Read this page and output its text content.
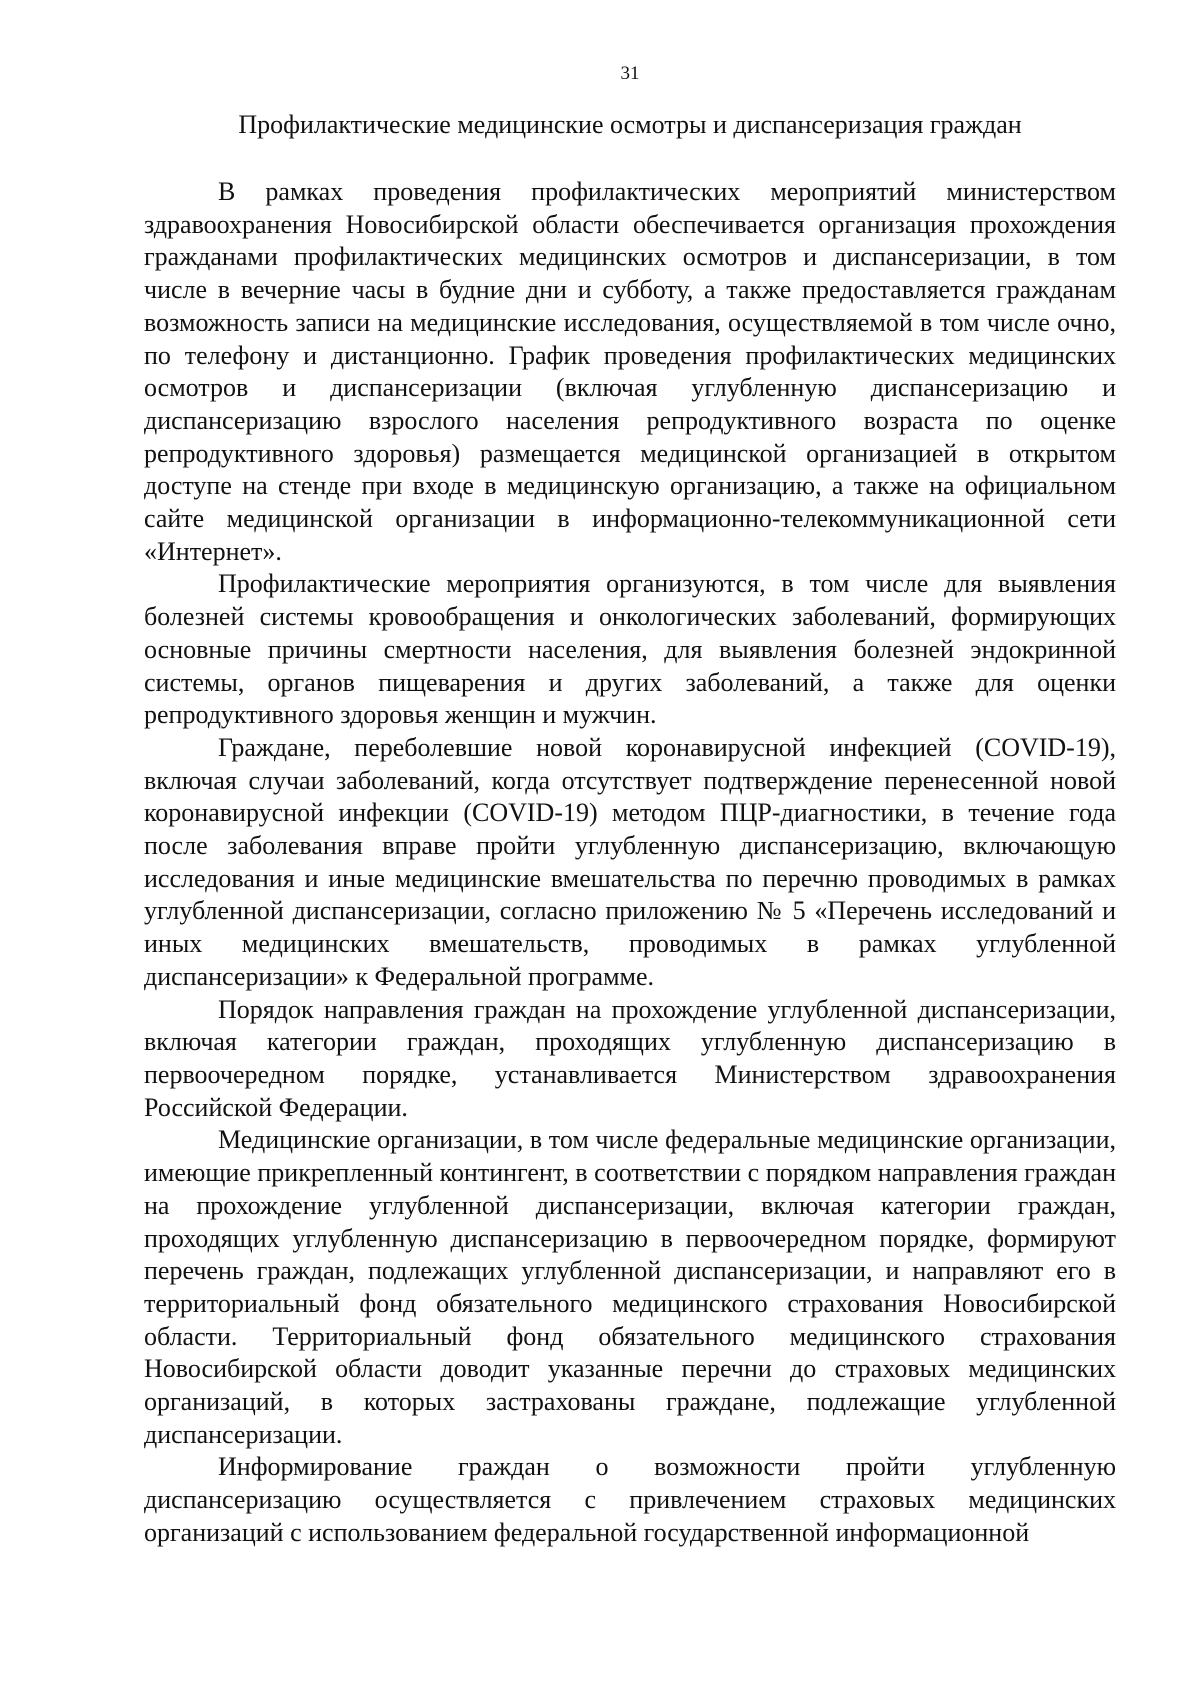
31
Профилактические медицинские осмотры и диспансеризация граждан

В рамках проведения профилактических мероприятий министерством здравоохранения Новосибирской области обеспечивается организация прохождения гражданами профилактических медицинских осмотров и диспансеризации, в том числе в вечерние часы в будние дни и субботу, а также предоставляется гражданам возможность записи на медицинские исследования, осуществляемой в том числе очно, по телефону и дистанционно. График проведения профилактических медицинских осмотров и диспансеризации (включая углубленную диспансеризацию и диспансеризацию взрослого населения репродуктивного возраста по оценке репродуктивного здоровья) размещается медицинской организацией в открытом доступе на стенде при входе в медицинскую организацию, а также на официальном сайте медицинской организации в информационно-телекоммуникационной сети «Интернет».

Профилактические мероприятия организуются, в том числе для выявления болезней системы кровообращения и онкологических заболеваний, формирующих основные причины смертности населения, для выявления болезней эндокринной системы, органов пищеварения и других заболеваний, а также для оценки репродуктивного здоровья женщин и мужчин.

Граждане, переболевшие новой коронавирусной инфекцией (COVID-19), включая случаи заболеваний, когда отсутствует подтверждение перенесенной новой коронавирусной инфекции (COVID-19) методом ПЦР-диагностики, в течение года после заболевания вправе пройти углубленную диспансеризацию, включающую исследования и иные медицинские вмешательства по перечню проводимых в рамках углубленной диспансеризации, согласно приложению № 5 «Перечень исследований и иных медицинских вмешательств, проводимых в рамках углубленной диспансеризации» к Федеральной программе.

Порядок направления граждан на прохождение углубленной диспансеризации, включая категории граждан, проходящих углубленную диспансеризацию в первоочередном порядке, устанавливается Министерством здравоохранения Российской Федерации.

Медицинские организации, в том числе федеральные медицинские организации, имеющие прикрепленный контингент, в соответствии с порядком направления граждан на прохождение углубленной диспансеризации, включая категории граждан, проходящих углубленную диспансеризацию в первоочередном порядке, формируют перечень граждан, подлежащих углубленной диспансеризации, и направляют его в территориальный фонд обязательного медицинского страхования Новосибирской области. Территориальный фонд обязательного медицинского страхования Новосибирской области доводит указанные перечни до страховых медицинских организаций, в которых застрахованы граждане, подлежащие углубленной диспансеризации.

Информирование граждан о возможности пройти углубленную диспансеризацию осуществляется с привлечением страховых медицинских организаций с использованием федеральной государственной информационной
